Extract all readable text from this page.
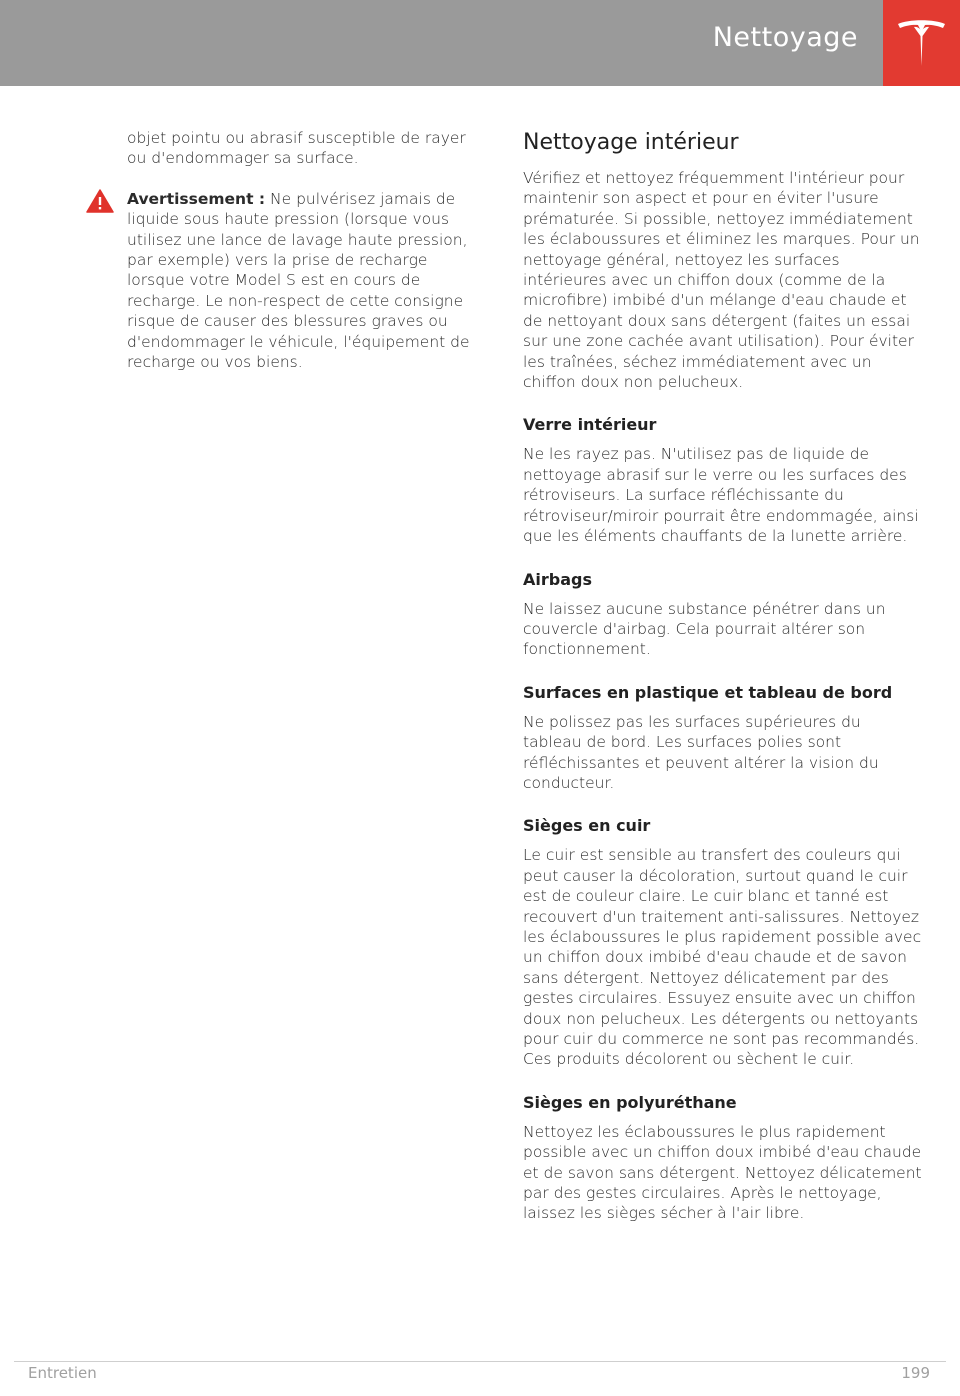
Nettoyage

objet pointu ou abrasif susceptible de rayer ou d'endommager sa surface.

Avertissement : Ne pulvérisez jamais de liquide sous haute pression (lorsque vous utilisez une lance de lavage haute pression, par exemple) vers la prise de recharge lorsque votre Model S est en cours de recharge. Le non-respect de cette consigne risque de causer des blessures graves ou d'endommager le véhicule, l'équipement de recharge ou vos biens.

Nettoyage intérieur

Vérifiez et nettoyez fréquemment l'intérieur pour maintenir son aspect et pour en éviter l'usure prématurée. Si possible, nettoyez immédiatement les éclaboussures et éliminez les marques. Pour un nettoyage général, nettoyez les surfaces intérieures avec un chiffon doux (comme de la microfibre) imbibé d'un mélange d'eau chaude et de nettoyant doux sans détergent (faites un essai sur une zone cachée avant utilisation). Pour éviter les traînées, séchez immédiatement avec un chiffon doux non pelucheux.

Verre intérieur

Ne les rayez pas. N'utilisez pas de liquide de nettoyage abrasif sur le verre ou les surfaces des rétroviseurs. La surface réfléchissante du rétroviseur/miroir pourrait être endommagée, ainsi que les éléments chauffants de la lunette arrière.

Airbags

Ne laissez aucune substance pénétrer dans un couvercle d'airbag. Cela pourrait altérer son fonctionnement.

Surfaces en plastique et tableau de bord

Ne polissez pas les surfaces supérieures du tableau de bord. Les surfaces polies sont réfléchissantes et peuvent altérer la vision du conducteur.

Sièges en cuir

Le cuir est sensible au transfert des couleurs qui peut causer la décoloration, surtout quand le cuir est de couleur claire. Le cuir blanc et tanné est recouvert d'un traitement anti-salissures. Nettoyez les éclaboussures le plus rapidement possible avec un chiffon doux imbibé d'eau chaude et de savon sans détergent. Nettoyez délicatement par des gestes circulaires. Essuyez ensuite avec un chiffon doux non pelucheux. Les détergents ou nettoyants pour cuir du commerce ne sont pas recommandés. Ces produits décolorent ou sèchent le cuir.

Sièges en polyuréthane

Nettoyez les éclaboussures le plus rapidement possible avec un chiffon doux imbibé d'eau chaude et de savon sans détergent. Nettoyez délicatement par des gestes circulaires. Après le nettoyage, laissez les sièges sécher à l'air libre.

Entretien	199
